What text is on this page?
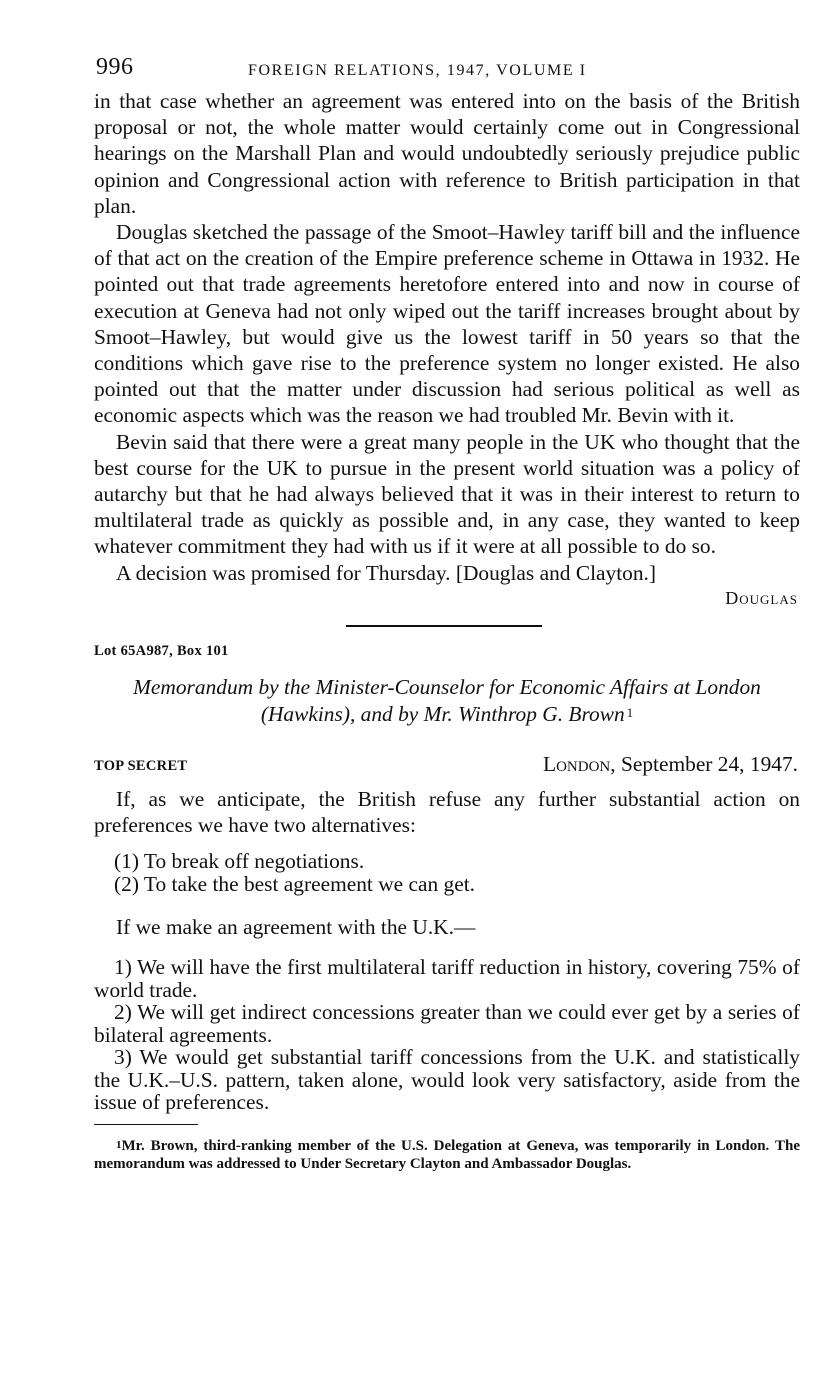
996	FOREIGN RELATIONS, 1947, VOLUME I

in that case whether an agreement was entered into on the basis of the British proposal or not, the whole matter would certainly come out in Congressional hearings on the Marshall Plan and would undoubtedly seriously prejudice public opinion and Congressional action with reference to British participation in that plan.

Douglas sketched the passage of the Smoot–Hawley tariff bill and the influence of that act on the creation of the Empire preference scheme in Ottawa in 1932. He pointed out that trade agreements heretofore entered into and now in course of execution at Geneva had not only wiped out the tariff increases brought about by Smoot–Hawley, but would give us the lowest tariff in 50 years so that the conditions which gave rise to the preference system no longer existed. He also pointed out that the matter under discussion had serious political as well as economic aspects which was the reason we had troubled Mr. Bevin with it.

Bevin said that there were a great many people in the UK who thought that the best course for the UK to pursue in the present world situation was a policy of autarchy but that he had always believed that it was in their interest to return to multilateral trade as quickly as possible and, in any case, they wanted to keep whatever commitment they had with us if it were at all possible to do so.

A decision was promised for Thursday. [Douglas and Clayton.]

Douglas
Lot 65A987, Box 101

Memorandum by the Minister-Counselor for Economic Affairs at London (Hawkins), and by Mr. Winthrop G. Brown $^1$

TOP SECRET	London, September 24, 1947.

If, as we anticipate, the British refuse any further substantial action on preferences we have two alternatives:

(1) To break off negotiations.

(2) To take the best agreement we can get.

If we make an agreement with the U.K.—

1) We will have the first multilateral tariff reduction in history, covering 75% of world trade.

2) We will get indirect concessions greater than we could ever get by a series of bilateral agreements.

3) We would get substantial tariff concessions from the U.K. and statistically the U.K.–U.S. pattern, taken alone, would look very satisfactory, aside from the issue of preferences.

$^1$Mr. Brown, third-ranking member of the U.S. Delegation at Geneva, was temporarily in London. The memorandum was addressed to Under Secretary Clayton and Ambassador Douglas.
